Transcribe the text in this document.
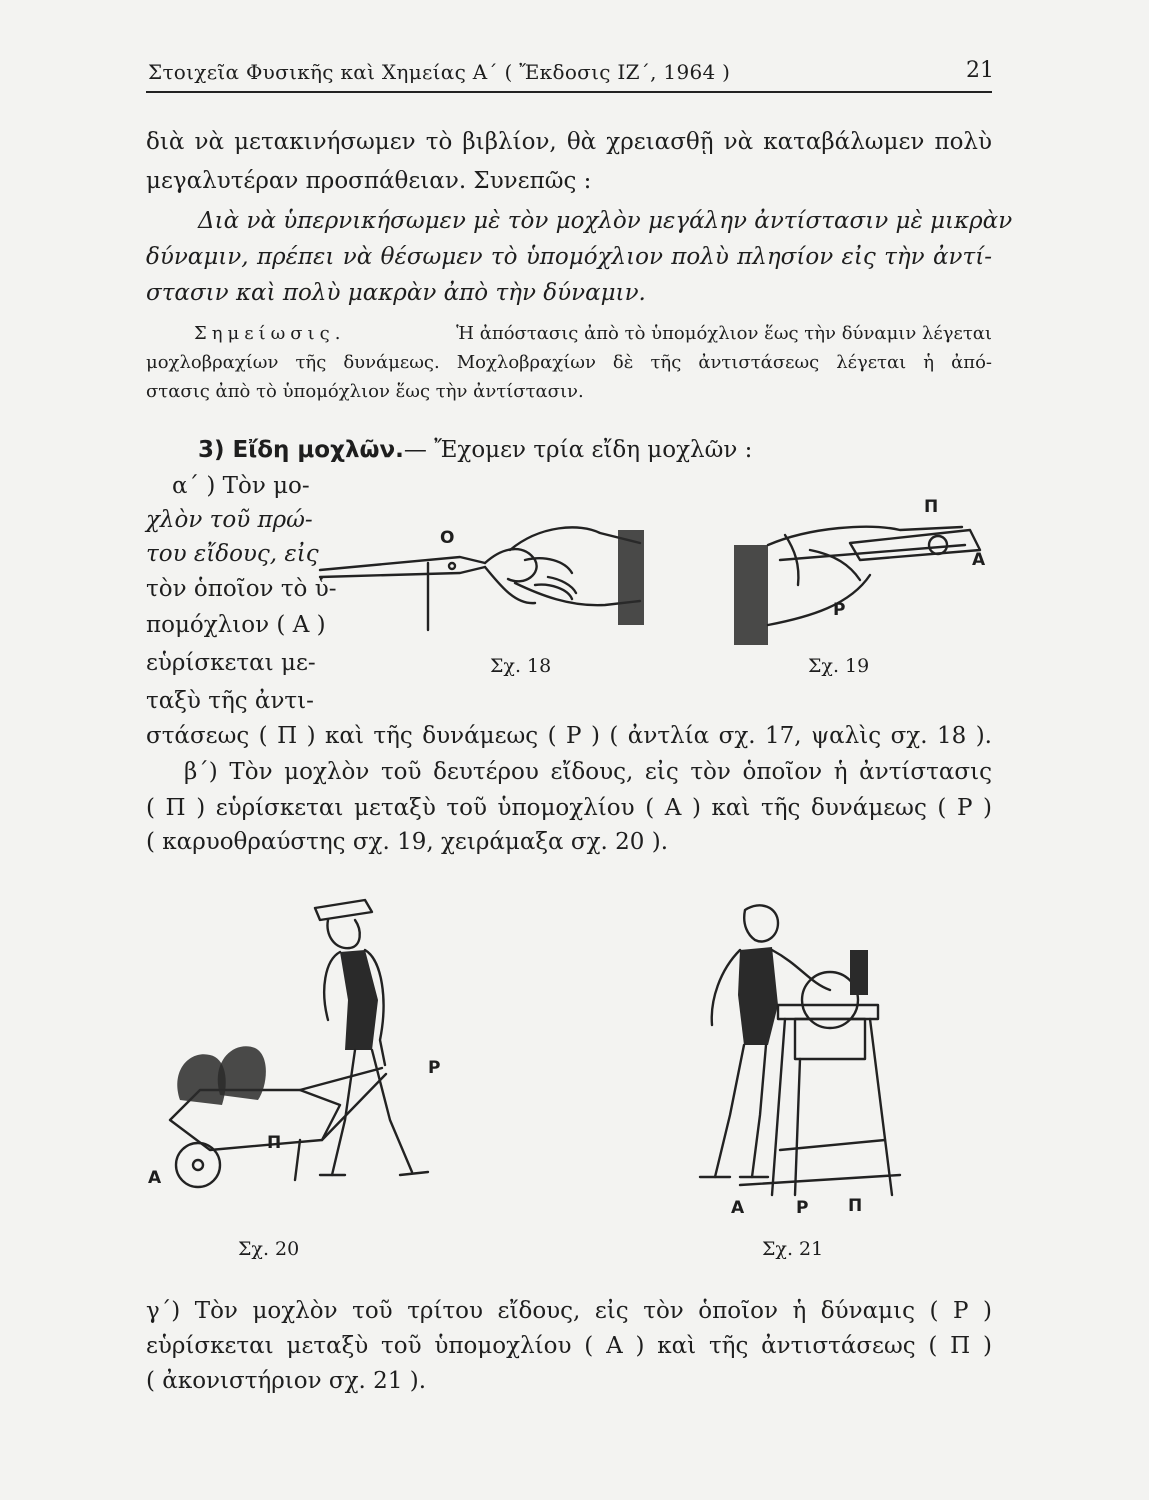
Στοιχεῖα Φυσικῆς καὶ Χημείας Α΄ ( Ἔκδοσις ΙΖ΄, 1964 )	21
διὰ νὰ μετακινήσωμεν τὸ βιβλίον, θὰ χρειασθῇ νὰ καταβάλωμεν πολὺ
μεγαλυτέραν προσπάθειαν. Συνεπῶς :
Διὰ νὰ ὑπερνικήσωμεν μὲ τὸν μοχλὸν μεγάλην ἀντίστασιν μὲ μικρὰν
δύναμιν, πρέπει νὰ θέσωμεν τὸ ὑπομόχλιον πολὺ πλησίον εἰς τὴν ἀντί-
στασιν καὶ πολὺ μακρὰν ἀπὸ τὴν δύναμιν.
Σημείωσις.	Ἡ ἀπόστασις ἀπὸ τὸ ὑπομόχλιον ἕως τὴν δύναμιν λέγεται
μοχλοβραχίων τῆς δυνάμεως. Μοχλοβραχίων δὲ τῆς ἀντιστάσεως λέγεται ἡ ἀπό-
στασις ἀπὸ τὸ ὑπομόχλιον ἕως τὴν ἀντίστασιν.
3) Εἴδη μοχλῶν.— Ἔχομεν τρία εἴδη μοχλῶν :
α΄ ) Τὸν μο-
χλὸν τοῦ πρώ-
του εἴδους, εἰς
τὸν ὁποῖον τὸ ὑ-
πομόχλιον ( Α )
εὑρίσκεται με-
ταξὺ τῆς ἀντι-
στάσεως ( Π ) καὶ τῆς δυνάμεως ( Ρ ) ( ἀντλία σχ. 17, ψαλὶς σχ. 18 ).
Ο
Σχ. 18
Π
Α
Ρ
Σχ. 19
β΄) Τὸν μοχλὸν τοῦ δευτέρου εἴδους, εἰς τὸν ὁποῖον ἡ ἀντίστασις
( Π ) εὑρίσκεται μεταξὺ τοῦ ὑπομοχλίου ( Α ) καὶ τῆς δυνάμεως ( Ρ )
( καρυοθραύστης σχ. 19, χειράμαξα σχ. 20 ).
Α
Π
Ρ
Σχ. 20
Α	Ρ Π
Σχ. 21
γ΄) Τὸν μοχλὸν τοῦ τρίτου εἴδους, εἰς τὸν ὁποῖον ἡ δύναμις ( Ρ )
εὑρίσκεται μεταξὺ τοῦ ὑπομοχλίου ( Α ) καὶ τῆς ἀντιστάσεως ( Π )
( ἀκονιστήριον σχ. 21 ).
